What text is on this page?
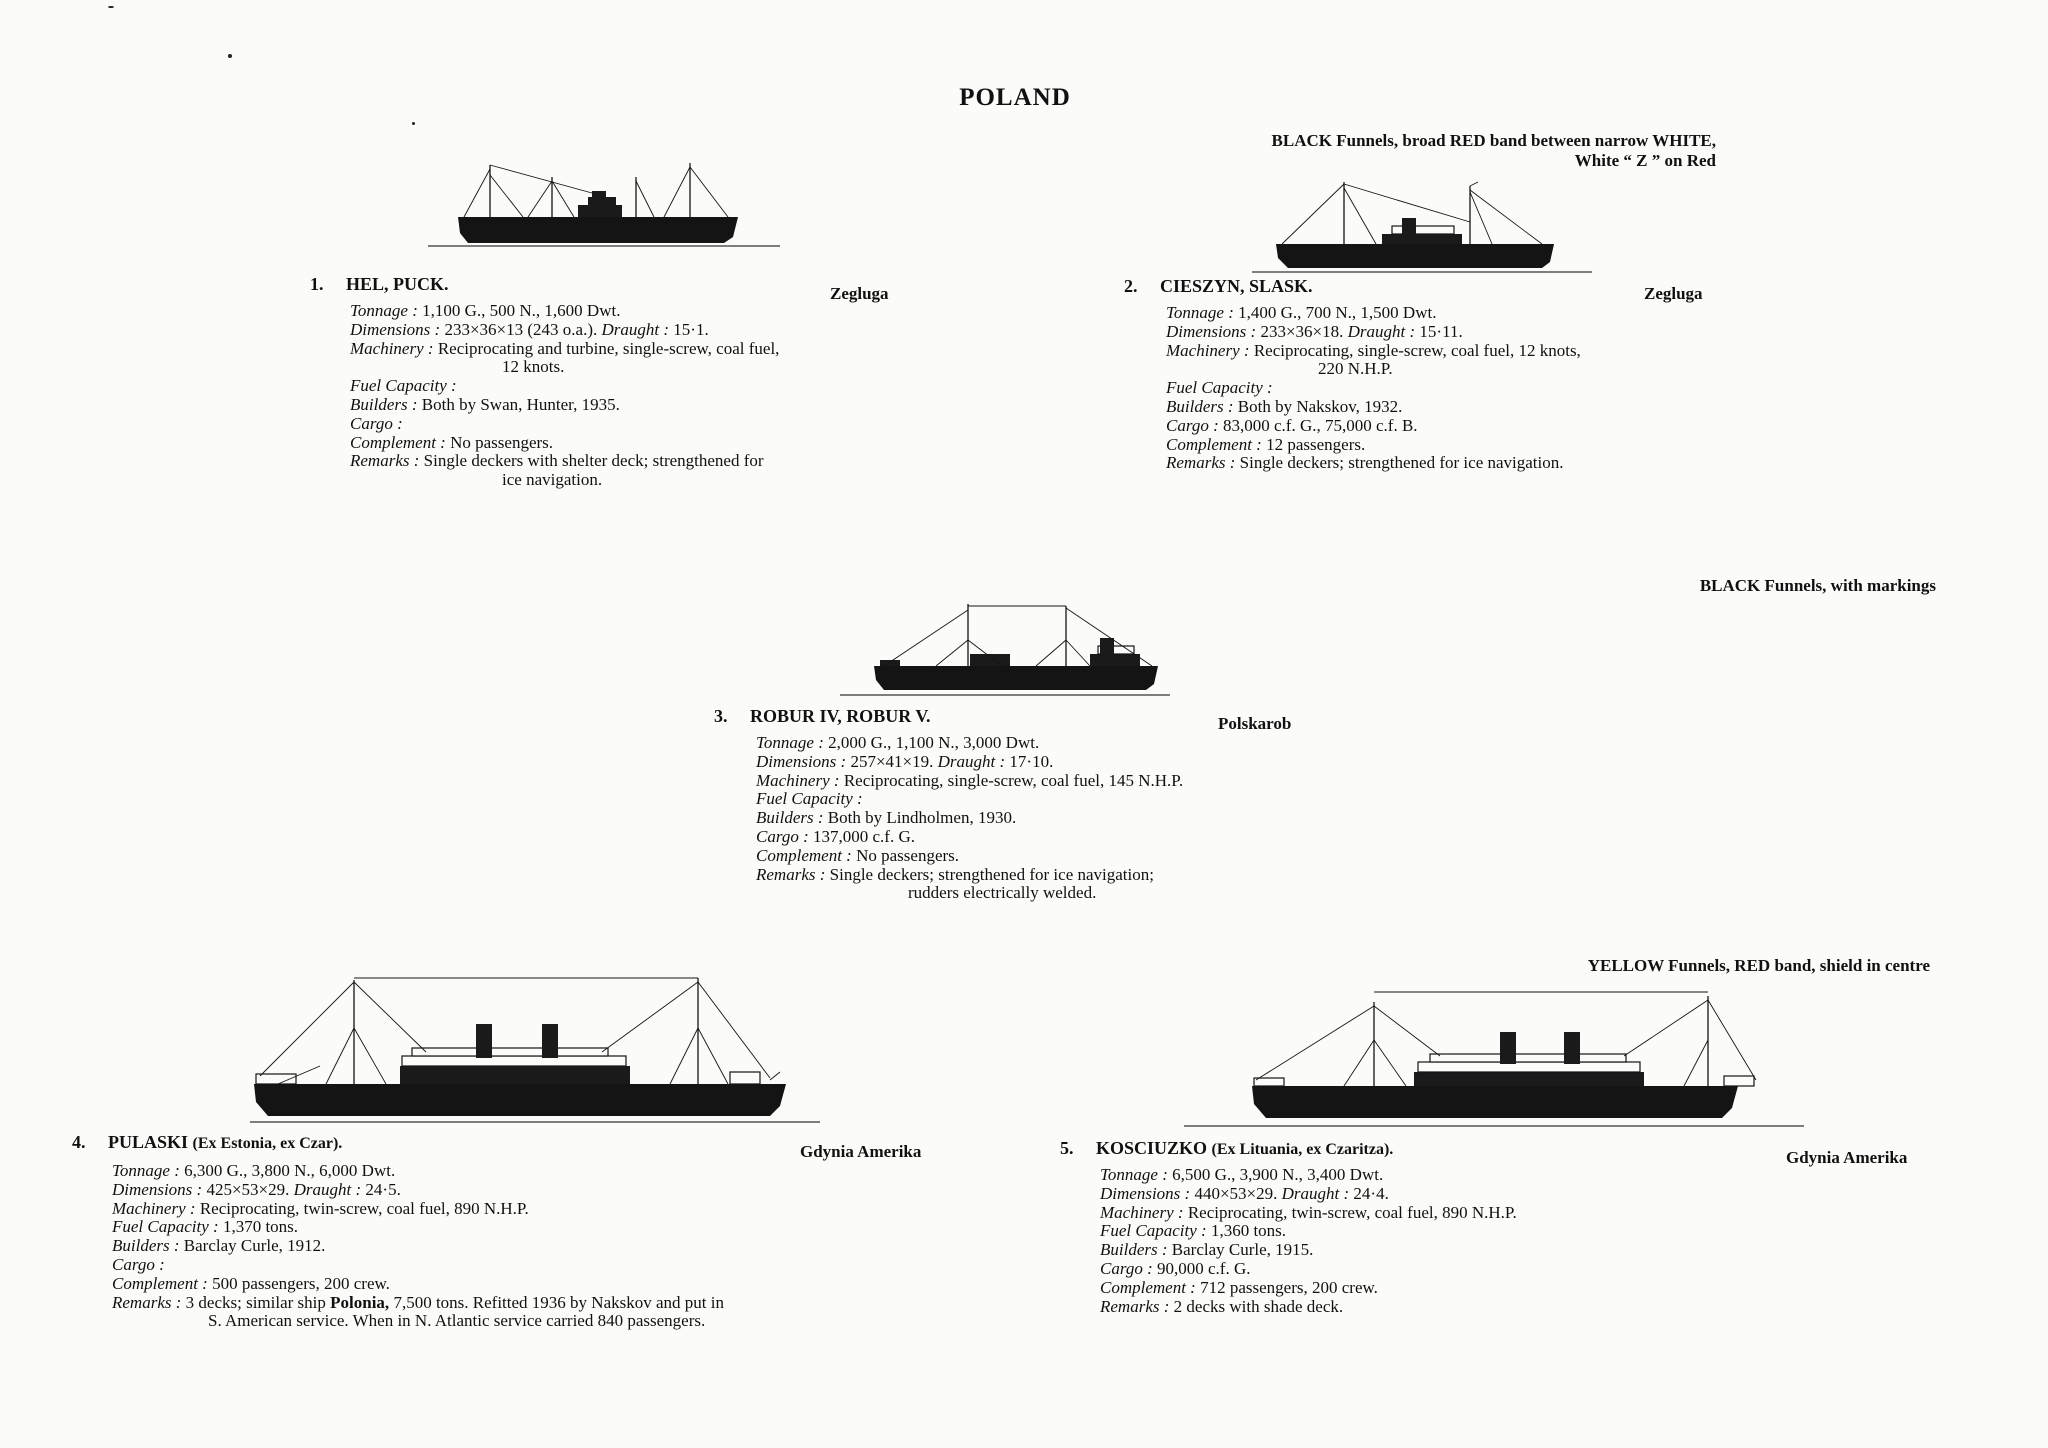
POLAND
1. HEL, PUCK.	Zegluga
Tonnage : 1,100 G., 500 N., 1,600 Dwt.
Dimensions : 233×36×13 (243 o.a.). Draught : 15·1.
Machinery : Reciprocating and turbine, single-screw, coal fuel,
12 knots.
Fuel Capacity :
Builders : Both by Swan, Hunter, 1935.
Cargo :
Complement : No passengers.
Remarks : Single deckers with shelter deck; strengthened for
ice navigation.
BLACK Funnels, broad RED band between narrow WHITE,
White “ Z ” on Red
2. CIESZYN, SLASK.	Zegluga
Tonnage : 1,400 G., 700 N., 1,500 Dwt.
Dimensions : 233×36×18. Draught : 15·11.
Machinery : Reciprocating, single-screw, coal fuel, 12 knots,
220 N.H.P.
Fuel Capacity :
Builders : Both by Nakskov, 1932.
Cargo : 83,000 c.f. G., 75,000 c.f. B.
Complement : 12 passengers.
Remarks : Single deckers; strengthened for ice navigation.
BLACK Funnels, with markings
3. ROBUR IV, ROBUR V.	Polskarob
Tonnage : 2,000 G., 1,100 N., 3,000 Dwt.
Dimensions : 257×41×19. Draught : 17·10.
Machinery : Reciprocating, single-screw, coal fuel, 145 N.H.P.
Fuel Capacity :
Builders : Both by Lindholmen, 1930.
Cargo : 137,000 c.f. G.
Complement : No passengers.
Remarks : Single deckers; strengthened for ice navigation;
rudders electrically welded.
4. PULASKI (Ex Estonia, ex Czar).	Gdynia Amerika
Tonnage : 6,300 G., 3,800 N., 6,000 Dwt.
Dimensions : 425×53×29. Draught : 24·5.
Machinery : Reciprocating, twin-screw, coal fuel, 890 N.H.P.
Fuel Capacity : 1,370 tons.
Builders : Barclay Curle, 1912.
Cargo :
Complement : 500 passengers, 200 crew.
Remarks : 3 decks; similar ship Polonia, 7,500 tons. Refitted 1936 by Nakskov and put in
S. American service. When in N. Atlantic service carried 840 passengers.
YELLOW Funnels, RED band, shield in centre
5. KOSCIUZKO (Ex Lituania, ex Czaritza).	Gdynia Amerika
Tonnage : 6,500 G., 3,900 N., 3,400 Dwt.
Dimensions : 440×53×29. Draught : 24·4.
Machinery : Reciprocating, twin-screw, coal fuel, 890 N.H.P.
Fuel Capacity : 1,360 tons.
Builders : Barclay Curle, 1915.
Cargo : 90,000 c.f. G.
Complement : 712 passengers, 200 crew.
Remarks : 2 decks with shade deck.
